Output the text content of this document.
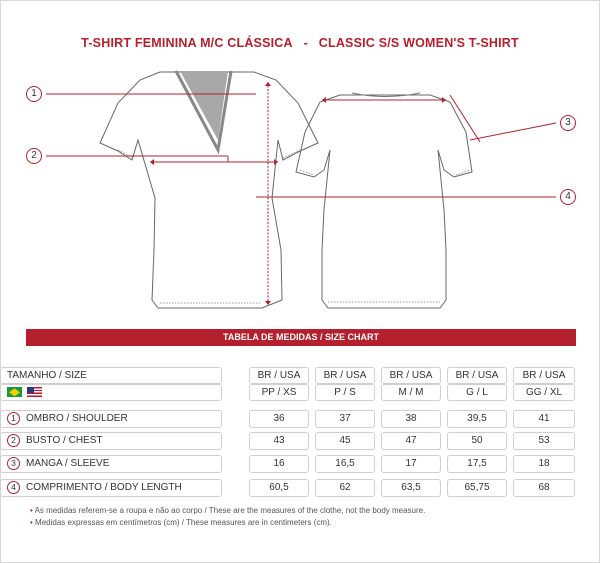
T-SHIRT FEMININA M/C CLÁSSICA - CLASSIC S/S WOMEN'S T-SHIRT
1
2
3
4
TABELA DE MEDIDAS / SIZE CHART
TAMANHO / SIZE	BR / USA	BR / USA	BR / USA	BR / USA	BR / USA
PP / XS	P / S	M / M	G / L	GG / XL
1 OMBRO / SHOULDER	36	37	38	39,5	41
2 BUSTO / CHEST	43	45	47	50	53
3 MANGA / SLEEVE	16	16,5	17	17,5	18
4 COMPRIMENTO / BODY LENGTH	60,5	62	63,5	65,75	68
• As medidas referem-se a roupa e não ao corpo / These are the measures of the clothe, not the body measure.
• Medidas expressas em centímetros (cm) / These measures are in centimeters (cm).
